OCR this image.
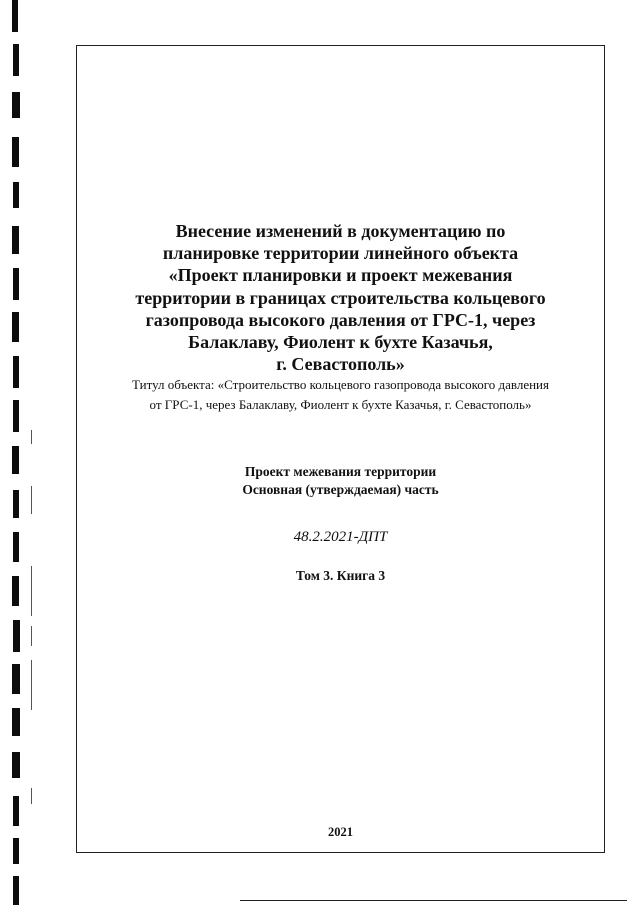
Внесение изменений в документацию по
планировке территории линейного объекта
«Проект планировки и проект межевания
территории в границах строительства кольцевого
газопровода высокого давления от ГРС-1, через
Балаклаву, Фиолент к бухте Казачья,
г. Севастополь»
Титул объекта: «Строительство кольцевого газопровода высокого давления
от ГРС-1, через Балаклаву, Фиолент к бухте Казачья, г. Севастополь»
Проект межевания территории
Основная (утверждаемая) часть
48.2.2021-ДПТ
Том 3. Книга 3
2021
